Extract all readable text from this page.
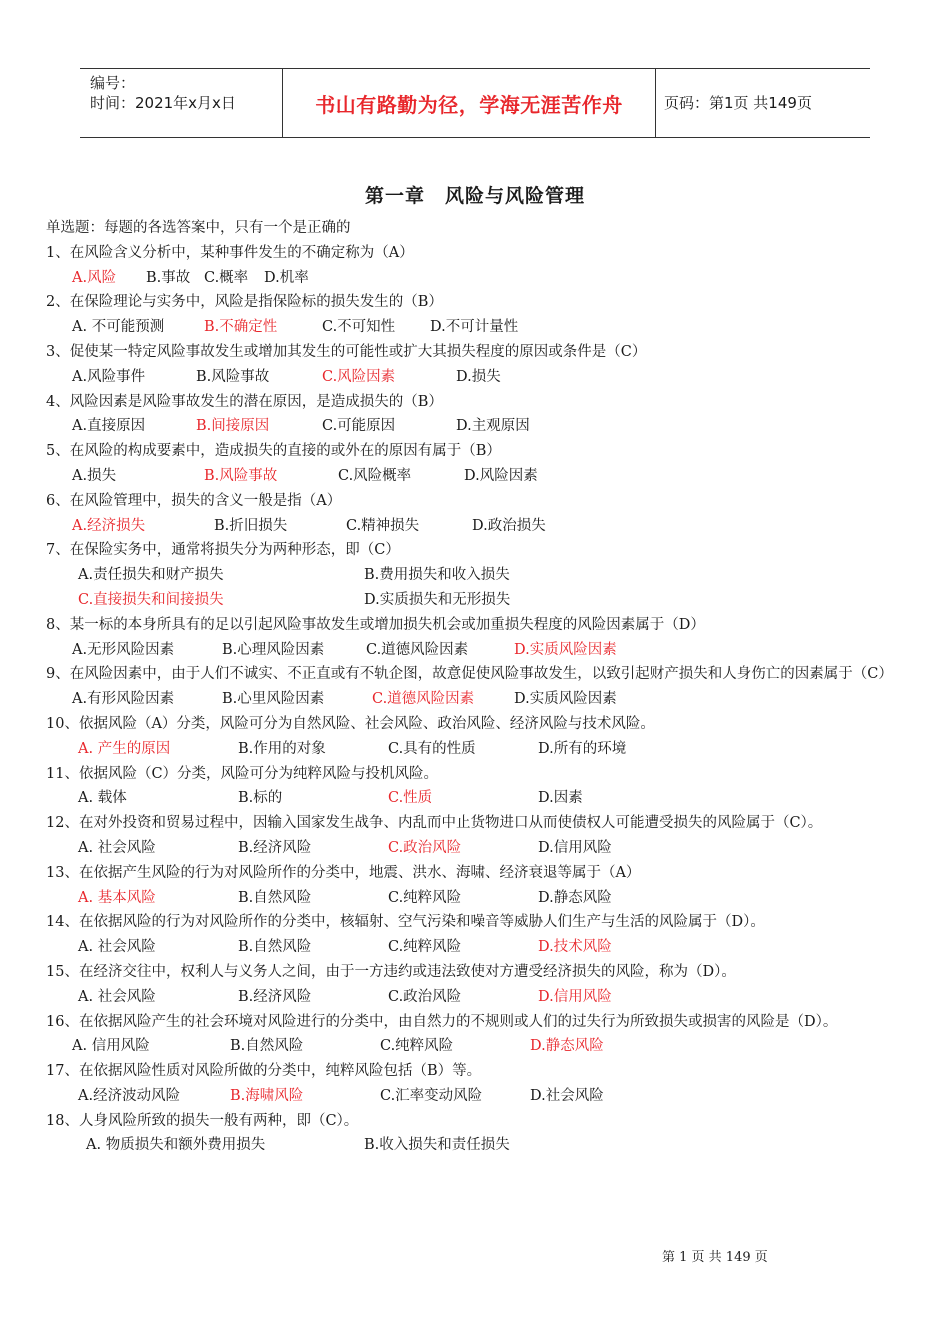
编号：
时间：2021年x月x日	书山有路勤为径，学海无涯苦作舟	页码：第1页 共149页
第一章　风险与风险管理
单选题：每题的各选答案中，只有一个是正确的
1、在风险含义分析中，某种事件发生的不确定称为（A）
A.风险 B.事故 C.概率 D.机率
2、在保险理论与实务中，风险是指保险标的损失发生的（B）
A. 不可能预测	B.不确定性	C.不可知性 D.不可计量性
3、促使某一特定风险事故发生或增加其发生的可能性或扩大其损失程度的原因或条件是（C）
A.风险事件	B.风险事故	C.风险因素	D.损失
4、风险因素是风险事故发生的潜在原因，是造成损失的（B）
A.直接原因	B.间接原因	C.可能原因	D.主观原因
5、在风险的构成要素中，造成损失的直接的或外在的原因有属于（B）
A.损失	B.风险事故	C.风险概率	D.风险因素
6、在风险管理中，损失的含义一般是指（A）
A.经济损失	B.折旧损失	C.精神损失	D.政治损失
7、在保险实务中，通常将损失分为两种形态，即（C）
A.责任损失和财产损失	B.费用损失和收入损失
C.直接损失和间接损失	D.实质损失和无形损失
8、某一标的本身所具有的足以引起风险事故发生或增加损失机会或加重损失程度的风险因素属于（D）
A.无形风险因素	B.心理风险因素	C.道德风险因素	D.实质风险因素
9、在风险因素中，由于人们不诚实、不正直或有不轨企图，故意促使风险事故发生，以致引起财产损失和人身伤亡的因素属于（C）
A.有形风险因素	B.心里风险因素	C.道德风险因素	D.实质风险因素
10、依据风险（A）分类，风险可分为自然风险、社会风险、政治风险、经济风险与技术风险。
A. 产生的原因	B.作用的对象	C.具有的性质	D.所有的环境
11、依据风险（C）分类，风险可分为纯粹风险与投机风险。
A. 载体	B.标的	C.性质	D.因素
12、在对外投资和贸易过程中，因输入国家发生战争、内乱而中止货物进口从而使债权人可能遭受损失的风险属于（C）。
A. 社会风险	B.经济风险	C.政治风险	D.信用风险
13、在依据产生风险的行为对风险所作的分类中，地震、洪水、海啸、经济衰退等属于（A）
A. 基本风险	B.自然风险	C.纯粹风险	D.静态风险
14、在依据风险的行为对风险所作的分类中，核辐射、空气污染和噪音等威胁人们生产与生活的风险属于（D）。
A. 社会风险	B.自然风险	C.纯粹风险	D.技术风险
15、在经济交往中，权利人与义务人之间，由于一方违约或违法致使对方遭受经济损失的风险，称为（D）。
A. 社会风险	B.经济风险	C.政治风险	D.信用风险
16、在依据风险产生的社会环境对风险进行的分类中，由自然力的不规则或人们的过失行为所致损失或损害的风险是（D）。
A. 信用风险	B.自然风险	C.纯粹风险	D.静态风险
17、在依据风险性质对风险所做的分类中，纯粹风险包括（B）等。
A.经济波动风险	B.海啸风险	C.汇率变动风险	D.社会风险
18、人身风险所致的损失一般有两种，即（C）。
A. 物质损失和额外费用损失	B.收入损失和责任损失
第 1 页 共 149 页
